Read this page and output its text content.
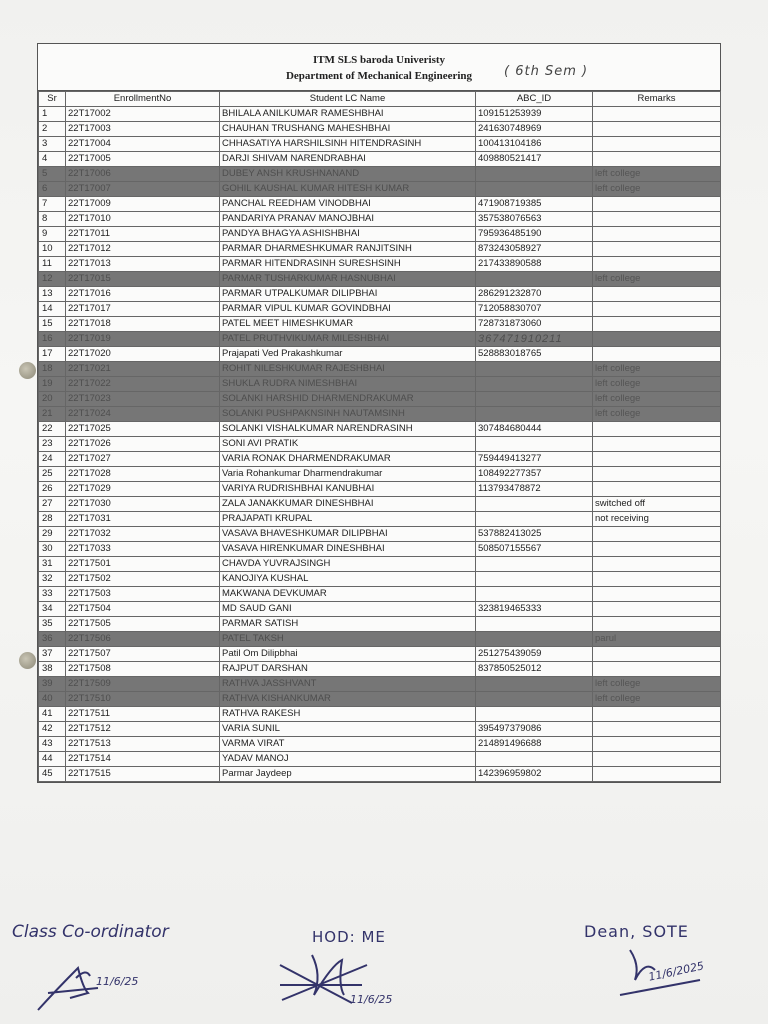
ITM SLS baroda Univeristy
Department of Mechanical Engineering	( 6th Sem )
Sr	EnrollmentNo	Student LC Name	ABC_ID	Remarks
1	22T17002	BHILALA ANILKUMAR RAMESHBHAI	109151253939	
2	22T17003	CHAUHAN TRUSHANG MAHESHBHAI	241630748969	
3	22T17004	CHHASATIYA HARSHILSINH HITENDRASINH	100413104186	
4	22T17005	DARJI SHIVAM NARENDRABHAI	409880521417	
5	22T17006	DUBEY ANSH KRUSHNANAND		left college
6	22T17007	GOHIL KAUSHAL KUMAR HITESH KUMAR		left college
7	22T17009	PANCHAL REEDHAM VINODBHAI	471908719385	
8	22T17010	PANDARIYA PRANAV MANOJBHAI	357538076563	
9	22T17011	PANDYA BHAGYA ASHISHBHAI	795936485190	
10	22T17012	PARMAR DHARMESHKUMAR RANJITSINH	873243058927	
11	22T17013	PARMAR HITENDRASINH SURESHSINH	217433890588	
12	22T17015	PARMAR TUSHARKUMAR HASNUBHAI		left college
13	22T17016	PARMAR UTPALKUMAR DILIPBHAI	286291232870	
14	22T17017	PARMAR VIPUL KUMAR GOVINDBHAI	712058830707	
15	22T17018	PATEL MEET HIMESHKUMAR	728731873060	
16	22T17019	PATEL PRUTHVIKUMAR MILESHBHAI	367471910211	
17	22T17020	Prajapati Ved Prakashkumar	528883018765	
18	22T17021	ROHIT NILESHKUMAR RAJESHBHAI		left college
19	22T17022	SHUKLA RUDRA NIMESHBHAI		left college
20	22T17023	SOLANKI HARSHID DHARMENDRAKUMAR		left college
21	22T17024	SOLANKI PUSHPAKNSINH NAUTAMSINH		left college
22	22T17025	SOLANKI VISHALKUMAR NARENDRASINH	307484680444	
23	22T17026	SONI AVI PRATIK		
24	22T17027	VARIA RONAK DHARMENDRAKUMAR	759449413277	
25	22T17028	Varia Rohankumar Dharmendrakumar	108492277357	
26	22T17029	VARIYA RUDRISHBHAI KANUBHAI	113793478872	
27	22T17030	ZALA JANAKKUMAR DINESHBHAI		switched off
28	22T17031	PRAJAPATI KRUPAL		not receiving
29	22T17032	VASAVA BHAVESHKUMAR DILIPBHAI	537882413025	
30	22T17033	VASAVA HIRENKUMAR DINESHBHAI	508507155567	
31	22T17501	CHAVDA YUVRAJSINGH		
32	22T17502	KANOJIYA KUSHAL		
33	22T17503	MAKWANA DEVKUMAR		
34	22T17504	MD SAUD GANI	323819465333	
35	22T17505	PARMAR SATISH		
36	22T17506	PATEL TAKSH		parul
37	22T17507	Patil Om Dilipbhai	251275439059	
38	22T17508	RAJPUT DARSHAN	837850525012	
39	22T17509	RATHVA JASSHVANT		left college
40	22T17510	RATHVA KISHANKUMAR		left college
41	22T17511	RATHVA RAKESH		
42	22T17512	VARIA SUNIL	395497379086	
43	22T17513	VARMA VIRAT	214891496688	
44	22T17514	YADAV MANOJ		
45	22T17515	Parmar Jaydeep	142396959802	
Class Co-ordinator
11/6/25
HOD: ME
11/6/25
Dean, SOTE
11/6/2025
